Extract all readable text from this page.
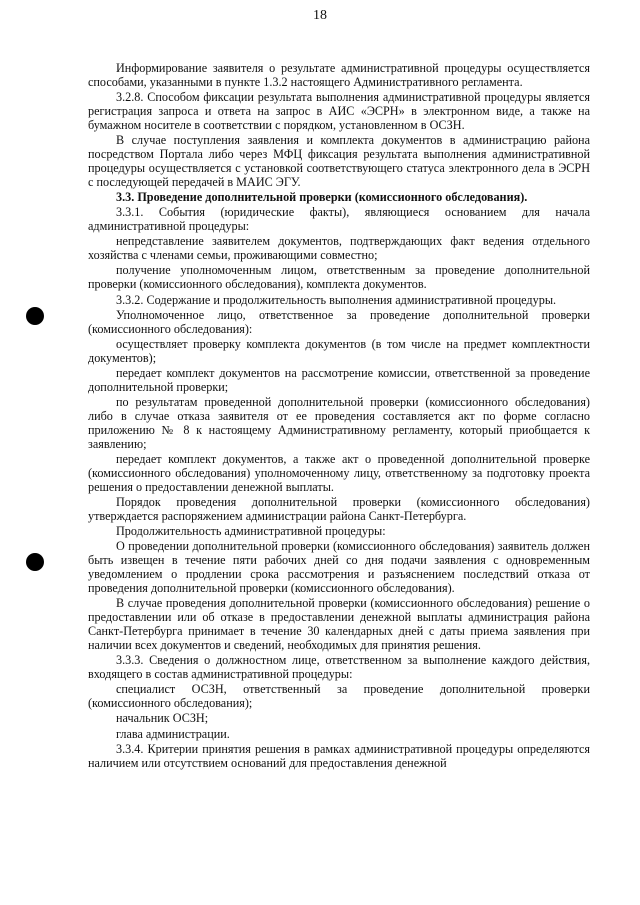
18

Информирование заявителя о результате административной процедуры осуществляется способами, указанными в пункте 1.3.2 настоящего Административного регламента.

3.2.8. Способом фиксации результата выполнения административной процедуры является регистрация запроса и ответа на запрос в АИС «ЭСРН» в электронном виде, а также на бумажном носителе в соответствии с порядком, установленном в ОСЗН.

В случае поступления заявления и комплекта документов в администрацию района посредством Портала либо через МФЦ фиксация результата выполнения административной процедуры осуществляется с установкой соответствующего статуса электронного дела в ЭСРН с последующей передачей в МАИС ЭГУ.

3.3. Проведение дополнительной проверки (комиссионного обследования).

3.3.1. События (юридические факты), являющиеся основанием для начала административной процедуры:

непредставление заявителем документов, подтверждающих факт ведения отдельного хозяйства с членами семьи, проживающими совместно;

получение уполномоченным лицом, ответственным за проведение дополнительной проверки (комиссионного обследования), комплекта документов.

3.3.2. Содержание и продолжительность выполнения административной процедуры.

Уполномоченное лицо, ответственное за проведение дополнительной проверки (комиссионного обследования):

осуществляет проверку комплекта документов (в том числе на предмет комплектности документов);

передает комплект документов на рассмотрение комиссии, ответственной за проведение дополнительной проверки;

по результатам проведенной дополнительной проверки (комиссионного обследования) либо в случае отказа заявителя от ее проведения составляется акт по форме согласно приложению № 8 к настоящему Административному регламенту, который приобщается к заявлению;

передает комплект документов, а также акт о проведенной дополнительной проверке (комиссионного обследования) уполномоченному лицу, ответственному за подготовку проекта решения о предоставлении денежной выплаты.

Порядок проведения дополнительной проверки (комиссионного обследования) утверждается распоряжением администрации района Санкт-Петербурга.

Продолжительность административной процедуры:

О проведении дополнительной проверки (комиссионного обследования) заявитель должен быть извещен в течение пяти рабочих дней со дня подачи заявления с одновременным уведомлением о продлении срока рассмотрения и разъяснением последствий отказа от проведения дополнительной проверки (комиссионного обследования).

В случае проведения дополнительной проверки (комиссионного обследования) решение о предоставлении или об отказе в предоставлении денежной выплаты администрация района Санкт-Петербурга принимает в течение 30 календарных дней с даты приема заявления при наличии всех документов и сведений, необходимых для принятия решения.

3.3.3. Сведения о должностном лице, ответственном за выполнение каждого действия, входящего в состав административной процедуры:

специалист ОСЗН, ответственный за проведение дополнительной проверки (комиссионного обследования);

начальник ОСЗН;

глава администрации.

3.3.4. Критерии принятия решения в рамках административной процедуры определяются наличием или отсутствием оснований для предоставления денежной
